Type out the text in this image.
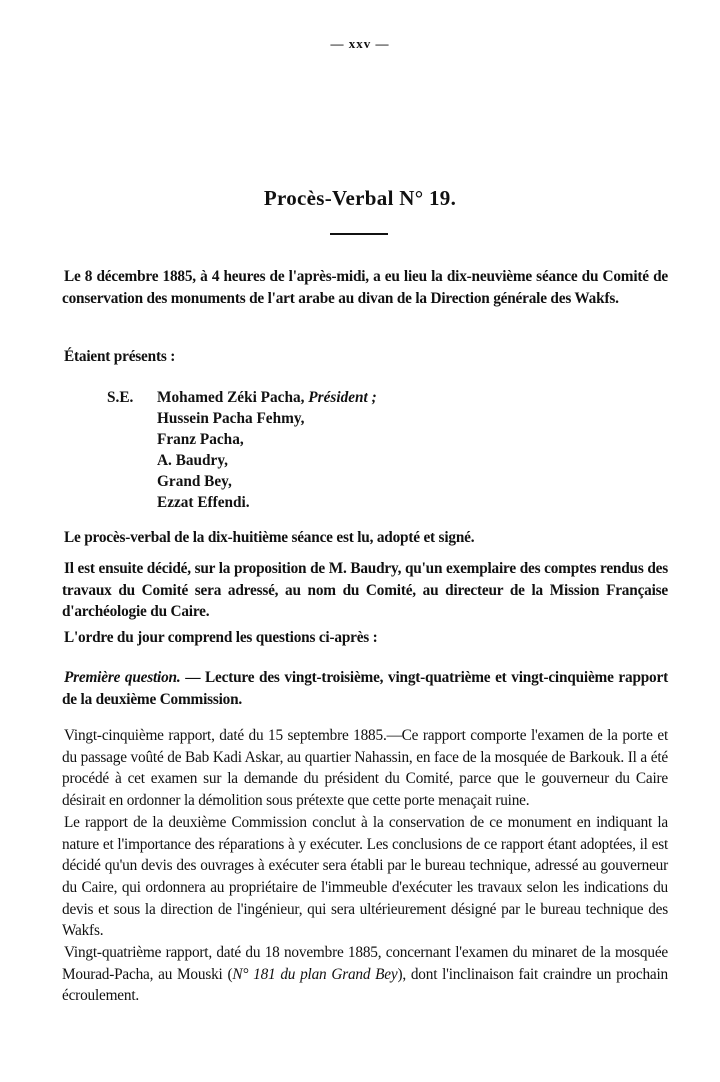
— xxv —
Procès-Verbal N° 19.

Le 8 décembre 1885, à 4 heures de l'après-midi, a eu lieu la dix-neuvième séance du Comité de conservation des monuments de l'art arabe au divan de la Direction générale des Wakfs.

Étaient présents :

S.E.	Mohamed Zéki Pacha,
Président ;
Hussein Pacha Fehmy,
Franz Pacha,
A. Baudry,
Grand Bey,
Ezzat Effendi.

Le procès-verbal de la dix-huitième séance est lu, adopté et signé.

Il est ensuite décidé, sur la proposition de M. Baudry, qu'un exemplaire des comptes rendus des travaux du Comité sera adressé, au nom du Comité, au directeur de la Mission Française d'archéologie du Caire.

L'ordre du jour comprend les questions ci-après :

Première question. — Lecture des vingt-troisième, vingt-quatrième et vingt-cinquième rapport de la deuxième Commission.

Vingt-cinquième rapport, daté du 15 septembre 1885.—Ce rapport comporte l'examen de la porte et du passage voûté de Bab Kadi Askar, au quartier Nahassin, en face de la mosquée de Barkouk. Il a été procédé à cet examen sur la demande du président du Comité, parce que le gouverneur du Caire désirait en ordonner la démolition sous prétexte que cette porte menaçait ruine.

Le rapport de la deuxième Commission conclut à la conservation de ce monument en indiquant la nature et l'importance des réparations à y exécuter. Les conclusions de ce rapport étant adoptées, il est décidé qu'un devis des ouvrages à exécuter sera établi par le bureau technique, adressé au gouverneur du Caire, qui ordonnera au propriétaire de l'immeuble d'exécuter les travaux selon les indications du devis et sous la direction de l'ingénieur, qui sera ultérieurement désigné par le bureau technique des Wakfs.

Vingt-quatrième rapport, daté du 18 novembre 1885, concernant l'examen du minaret de la mosquée Mourad-Pacha, au Mouski (N° 181 du plan Grand Bey), dont l'inclinaison fait craindre un prochain écroulement.
